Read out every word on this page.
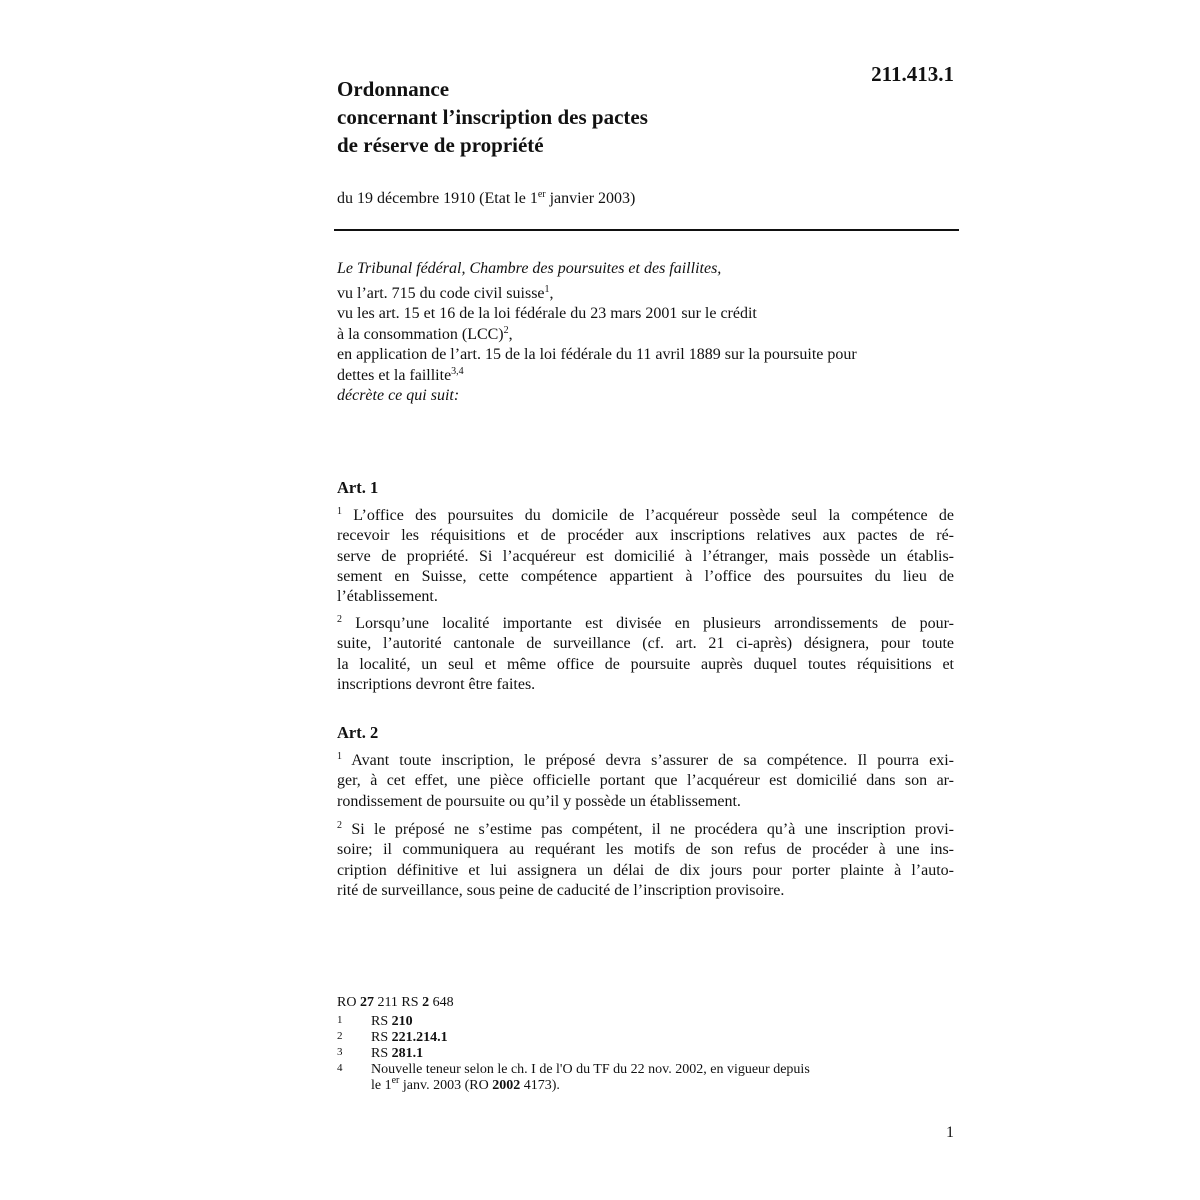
211.413.1
Ordonnance
concernant l’inscription des pactes
de réserve de propriété
du 19 décembre 1910 (Etat le 1er janvier 2003)
Le Tribunal fédéral, Chambre des poursuites et des faillites,
vu l’art. 715 du code civil suisse$^1$,
vu les art. 15 et 16 de la loi fédérale du 23 mars 2001 sur le crédit
à la consommation (LCC)$^2$,
en application de l’art. 15 de la loi fédérale du 11 avril 1889 sur la poursuite pour
dettes et la faillite$^{3,4}$
décrète ce qui suit:
Art. 1
$^1$ L’office des poursuites du domicile de l’acquéreur possède seul la compétence de
recevoir les réquisitions et de procéder aux inscriptions relatives aux pactes de ré-
serve de propriété. Si l’acquéreur est domicilié à l’étranger, mais possède un établis-
sement en Suisse, cette compétence appartient à l’office des poursuites du lieu de
l’établissement.
$^2$ Lorsqu’une localité importante est divisée en plusieurs arrondissements de pour-
suite, l’autorité cantonale de surveillance (cf. art. 21 ci-après) désignera, pour toute
la localité, un seul et même office de poursuite auprès duquel toutes réquisitions et
inscriptions devront être faites.
Art. 2
$^1$ Avant toute inscription, le préposé devra s’assurer de sa compétence. Il pourra exi-
ger, à cet effet, une pièce officielle portant que l’acquéreur est domicilié dans son ar-
rondissement de poursuite ou qu’il y possède un établissement.
$^2$ Si le préposé ne s’estime pas compétent, il ne procédera qu’à une inscription provi-
soire; il communiquera au requérant les motifs de son refus de procéder à une ins-
cription définitive et lui assignera un délai de dix jours pour porter plainte à l’auto-
rité de surveillance, sous peine de caducité de l’inscription provisoire.
RO 27 211 RS 2 648
1	RS 210
2	RS 221.214.1
3	RS 281.1
4	Nouvelle teneur selon le ch. I de l'O du TF du 22 nov. 2002, en vigueur depuis
le 1er janv. 2003 (RO 2002 4173).
1
